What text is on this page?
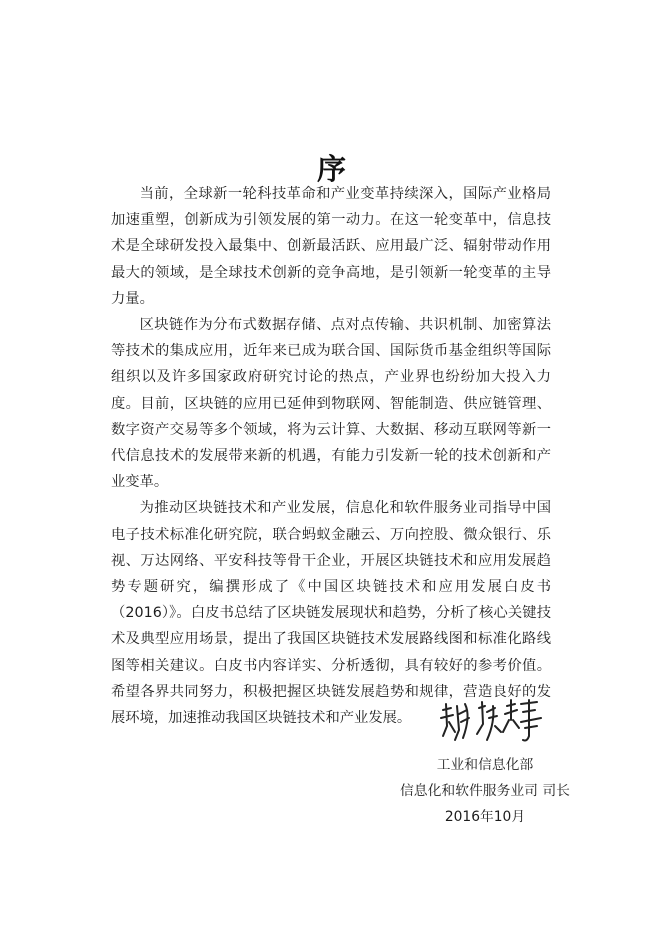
序

当前，全球新一轮科技革命和产业变革持续深入，国际产业格局加速重塑，创新成为引领发展的第一动力。在这一轮变革中，信息技术是全球研发投入最集中、创新最活跃、应用最广泛、辐射带动作用最大的领域，是全球技术创新的竞争高地，是引领新一轮变革的主导力量。

区块链作为分布式数据存储、点对点传输、共识机制、加密算法等技术的集成应用，近年来已成为联合国、国际货币基金组织等国际组织以及许多国家政府研究讨论的热点，产业界也纷纷加大投入力度。目前，区块链的应用已延伸到物联网、智能制造、供应链管理、数字资产交易等多个领域，将为云计算、大数据、移动互联网等新一代信息技术的发展带来新的机遇，有能力引发新一轮的技术创新和产业变革。

为推动区块链技术和产业发展，信息化和软件服务业司指导中国电子技术标准化研究院，联合蚂蚁金融云、万向控股、微众银行、乐视、万达网络、平安科技等骨干企业，开展区块链技术和应用发展趋势专题研究，编撰形成了《中国区块链技术和应用发展白皮书（2016）》。白皮书总结了区块链发展现状和趋势，分析了核心关键技术及典型应用场景，提出了我国区块链技术发展路线图和标准化路线图等相关建议。白皮书内容详实、分析透彻，具有较好的参考价值。希望各界共同努力，积极把握区块链发展趋势和规律，营造良好的发展环境，加速推动我国区块链技术和产业发展。

工业和信息化部
信息化和软件服务业司 司长
2016年10月
